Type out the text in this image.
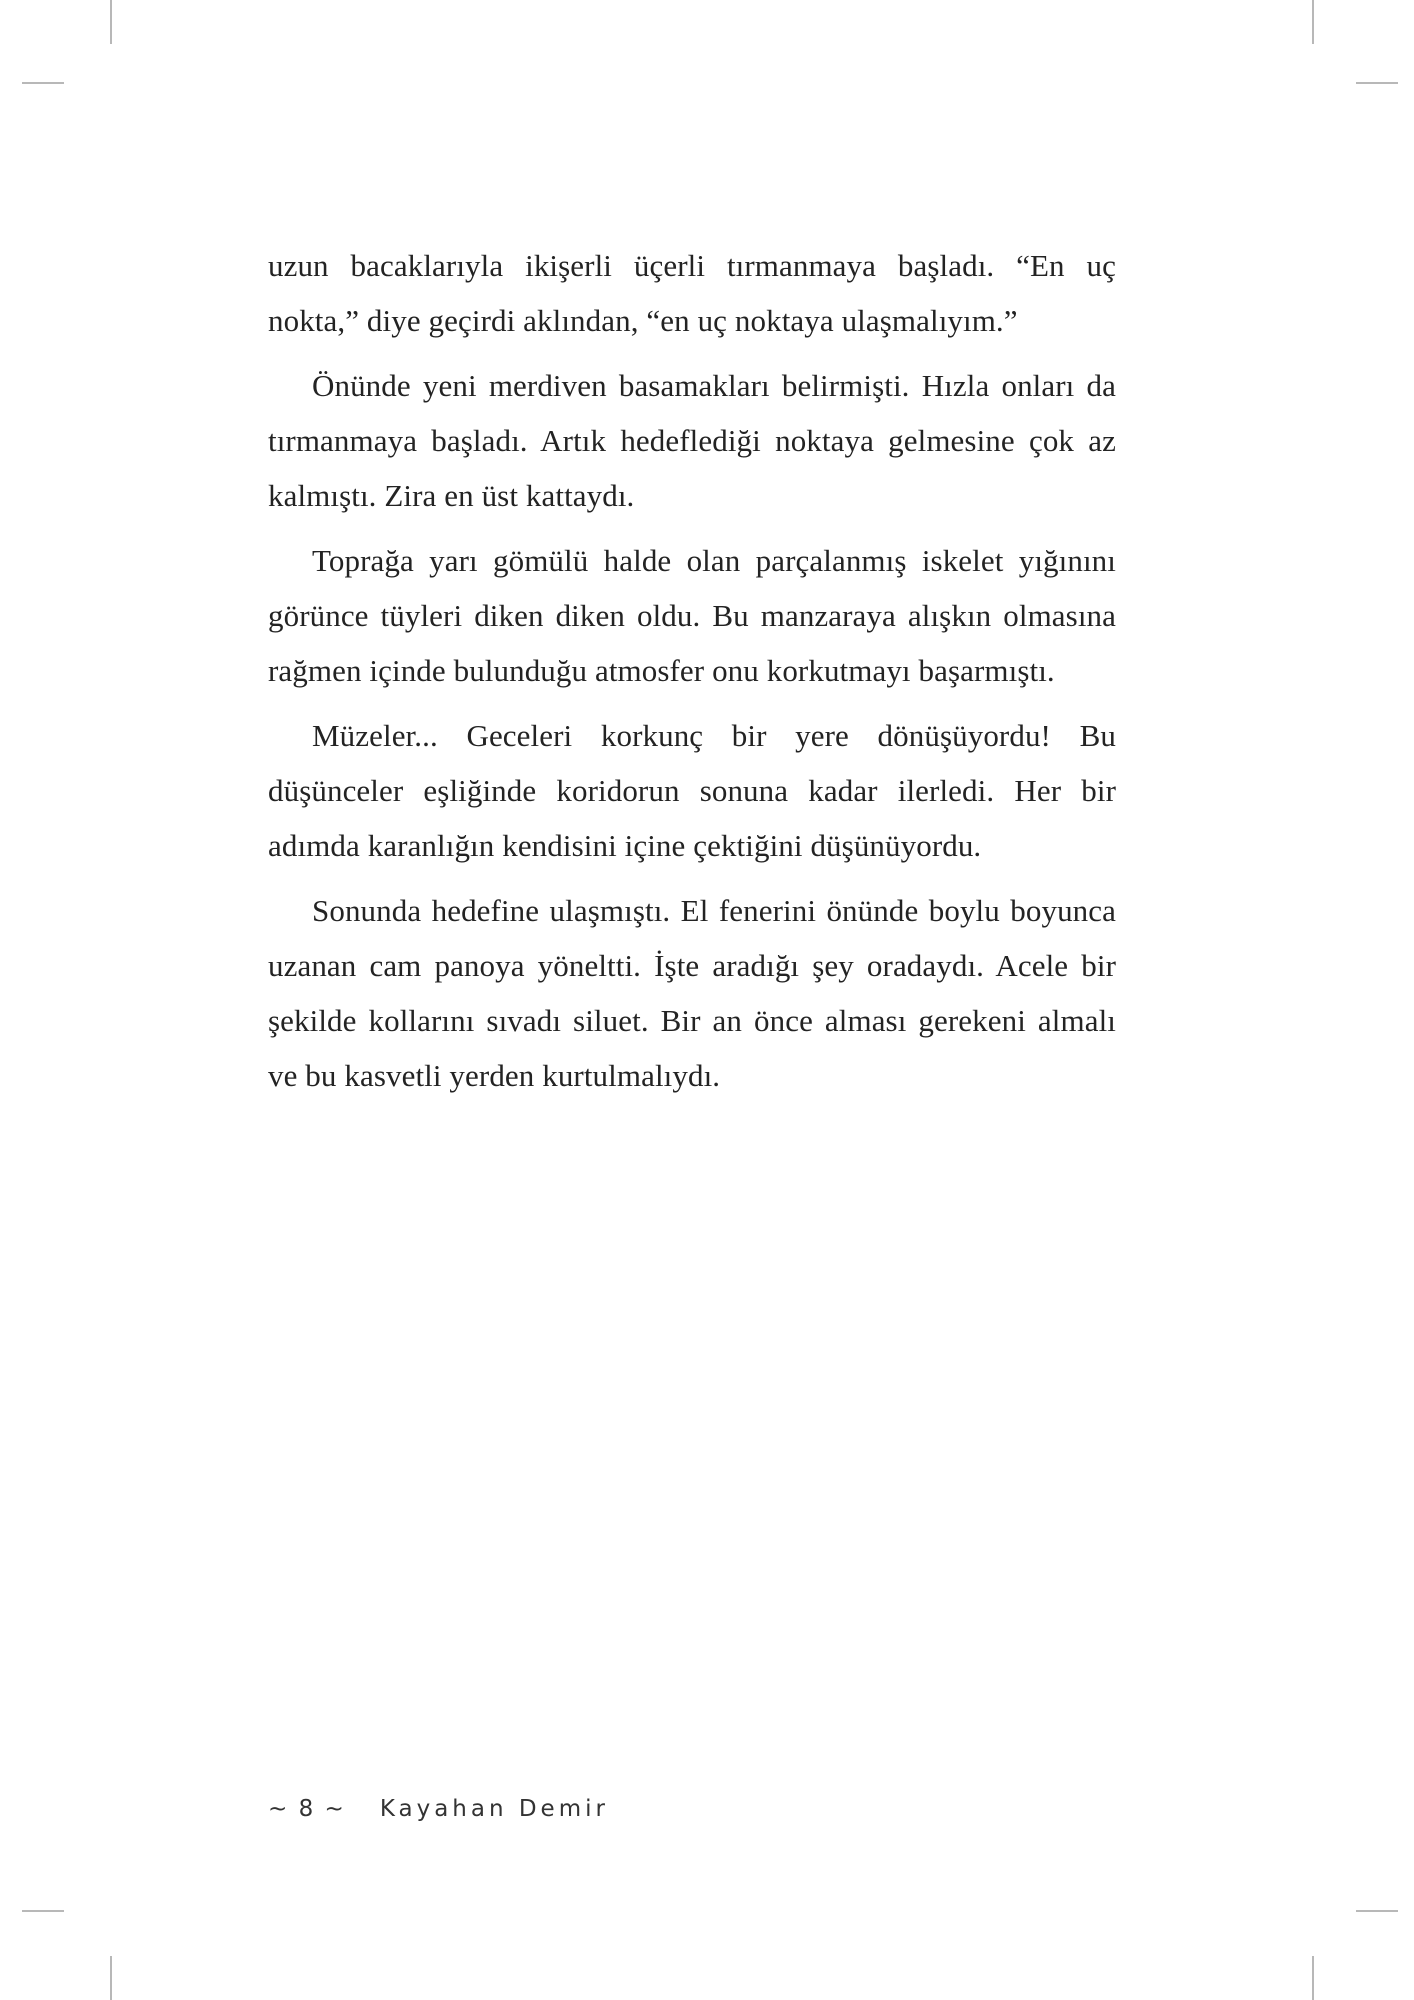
uzun bacaklarıyla ikişerli üçerli tırmanmaya başladı. “En uç nokta,” diye geçirdi aklından, “en uç noktaya ulaşmalıyım.”

Önünde yeni merdiven basamakları belirmişti. Hızla onları da tırmanmaya başladı. Artık hedeflediği noktaya gelmesine çok az kalmıştı. Zira en üst kattaydı.

Toprağa yarı gömülü halde olan parçalanmış iskelet yığınını görünce tüyleri diken diken oldu. Bu manzaraya alışkın olmasına rağmen içinde bulunduğu atmosfer onu korkutmayı başarmıştı.

Müzeler... Geceleri korkunç bir yere dönüşüyordu! Bu düşünceler eşliğinde koridorun sonuna kadar ilerledi. Her bir adımda karanlığın kendisini içine çektiğini düşünüyordu.

Sonunda hedefine ulaşmıştı. El fenerini önünde boylu boyunca uzanan cam panoya yöneltti. İşte aradığı şey oradaydı. Acele bir şekilde kollarını sıvadı siluet. Bir an önce alması gerekeni almalı ve bu kasvetli yerden kurtulmalıydı.

~ 8 ~ Kayahan Demir
